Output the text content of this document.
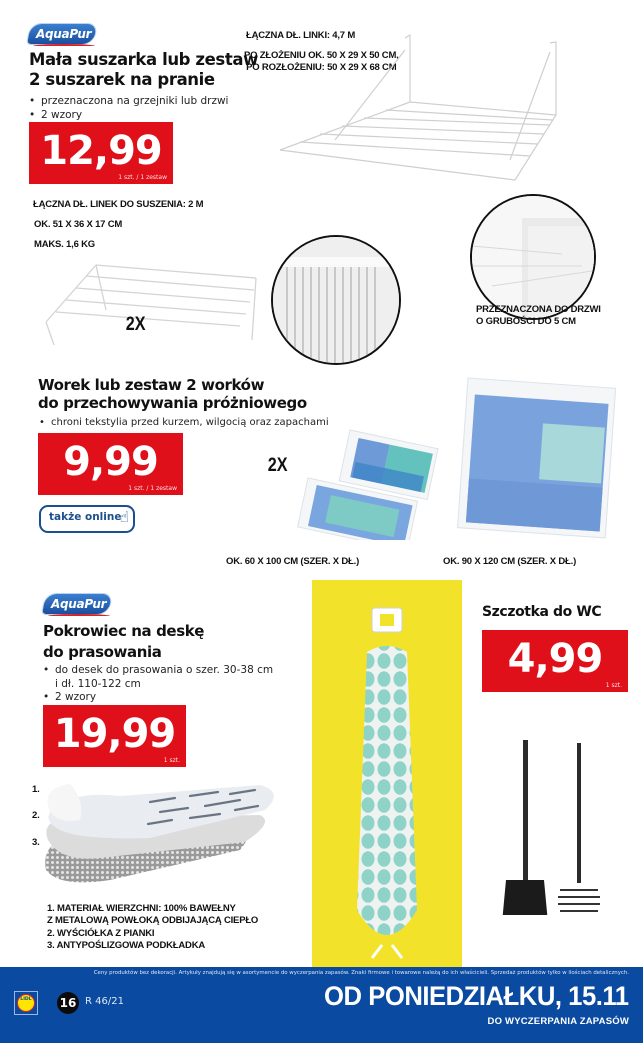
AquaPur
Mała suszarka lub zestaw
2 suszarek na pranie
• przeznaczona na grzejniki lub drzwi
• 2 wzory
12,99
1 szt. / 1 zestaw
ŁĄCZNA DŁ. LINKI: 4,7 M
PO ZŁOŻENIU OK. 50 X 29 X 50 CM,
PO ROZŁOŻENIU: 50 X 29 X 68 CM
ŁĄCZNA DŁ. LINEK DO SUSZENIA: 2 M
OK. 51 X 36 X 17 CM
MAKS. 1,6 KG
2X
PRZEZNACZONA DO DRZWI
O GRUBOŚCI DO 5 CM
Worek lub zestaw 2 worków
do przechowywania próżniowego
• chroni tekstylia przed kurzem, wilgocią oraz zapachami
9,99
1 szt. / 1 zestaw
także online
☝
2X
OK. 60 X 100 CM (SZER. X DŁ.)	OK. 90 X 120 CM (SZER. X DŁ.)
AquaPur
Pokrowiec na deskę
do prasowania
• do desek do prasowania o szer. 30-38 cm
i dł. 110-122 cm
• 2 wzory
19,99
1 szt.
1.
2.
3.
1. MATERIAŁ WIERZCHNI: 100% BAWEŁNY
Z METALOWĄ POWŁOKĄ ODBIJAJĄCĄ CIEPŁO
2. WYŚCIÓŁKA Z PIANKI
3. ANTYPOŚLIZGOWA PODKŁADKA
Szczotka do WC
4,99
1 szt.
Ceny produktów bez dekoracji. Artykuły znajdują się w asortymencie do wyczerpania zapasów. Znaki firmowe i towarowe należą do ich właścicieli. Sprzedaż produktów tylko w ilościach detalicznych.
LIDL	16 R 46/21	OD PONIEDZIAŁKU, 15.11
DO WYCZERPANIA ZAPASÓW
